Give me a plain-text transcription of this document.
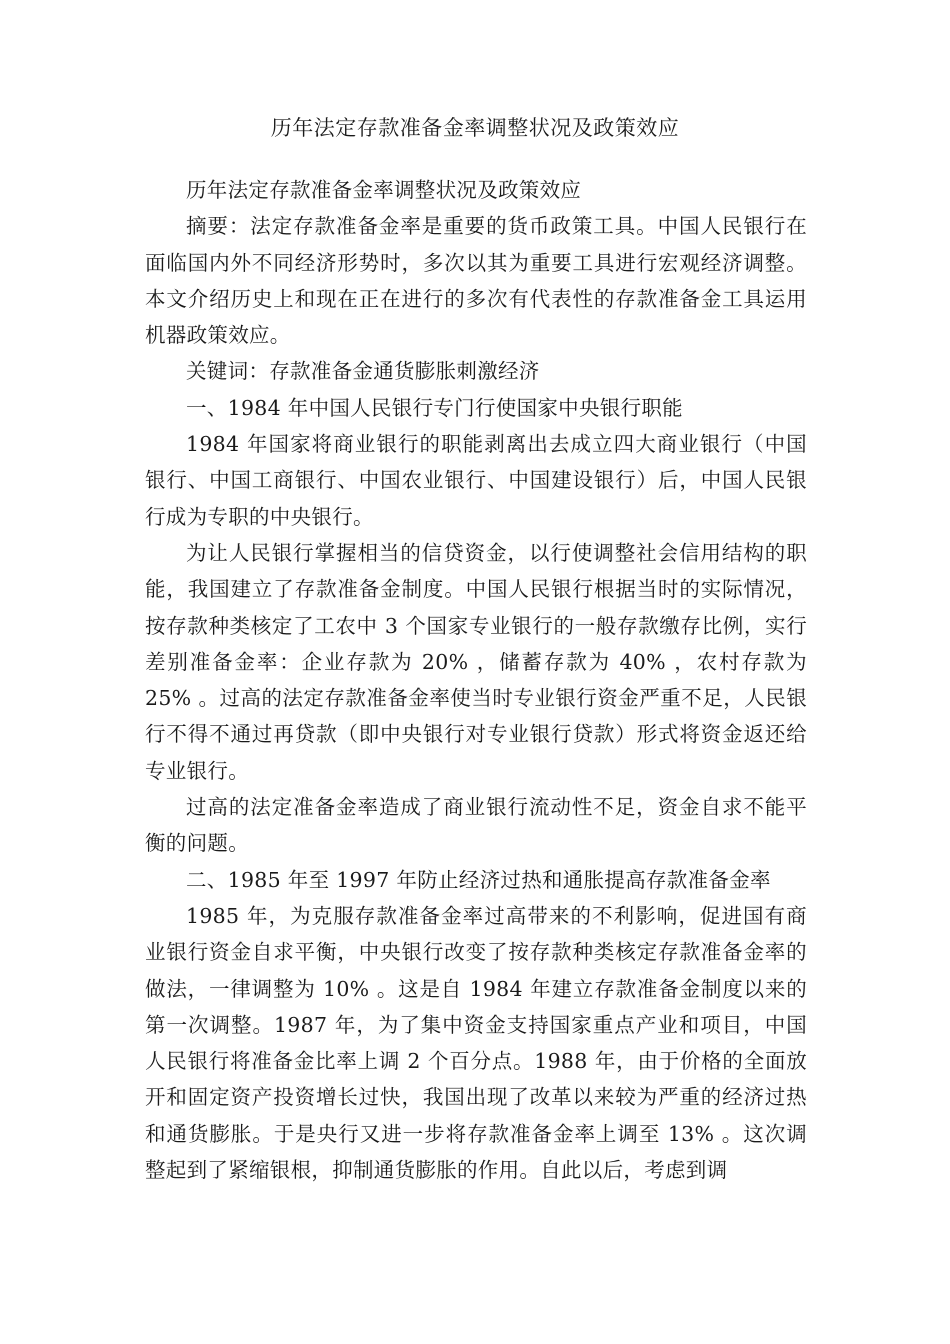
历年法定存款准备金率调整状况及政策效应

历年法定存款准备金率调整状况及政策效应

摘要：法定存款准备金率是重要的货币政策工具。中国人民银行在面临国内外不同经济形势时，多次以其为重要工具进行宏观经济调整。本文介绍历史上和现在正在进行的多次有代表性的存款准备金工具运用机器政策效应。

关键词：存款准备金通货膨胀刺激经济

一、1984 年中国人民银行专门行使国家中央银行职能

1984 年国家将商业银行的职能剥离出去成立四大商业银行（中国银行、中国工商银行、中国农业银行、中国建设银行）后，中国人民银行成为专职的中央银行。

为让人民银行掌握相当的信贷资金，以行使调整社会信用结构的职能，我国建立了存款准备金制度。中国人民银行根据当时的实际情况，按存款种类核定了工农中 3 个国家专业银行的一般存款缴存比例，实行差别准备金率：企业存款为 20% ，储蓄存款为 40% ，农村存款为 25% 。过高的法定存款准备金率使当时专业银行资金严重不足，人民银行不得不通过再贷款（即中央银行对专业银行贷款）形式将资金返还给专业银行。

过高的法定准备金率造成了商业银行流动性不足，资金自求不能平衡的问题。

二、1985 年至 1997 年防止经济过热和通胀提高存款准备金率

1985 年，为克服存款准备金率过高带来的不利影响，促进国有商业银行资金自求平衡，中央银行改变了按存款种类核定存款准备金率的做法，一律调整为 10% 。这是自 1984 年建立存款准备金制度以来的第一次调整。1987 年，为了集中资金支持国家重点产业和项目，中国人民银行将准备金比率上调 2 个百分点。1988 年，由于价格的全面放开和固定资产投资增长过快，我国出现了改革以来较为严重的经济过热和通货膨胀。于是央行又进一步将存款准备金率上调至 13% 。这次调整起到了紧缩银根，抑制通货膨胀的作用。自此以后，考虑到调
